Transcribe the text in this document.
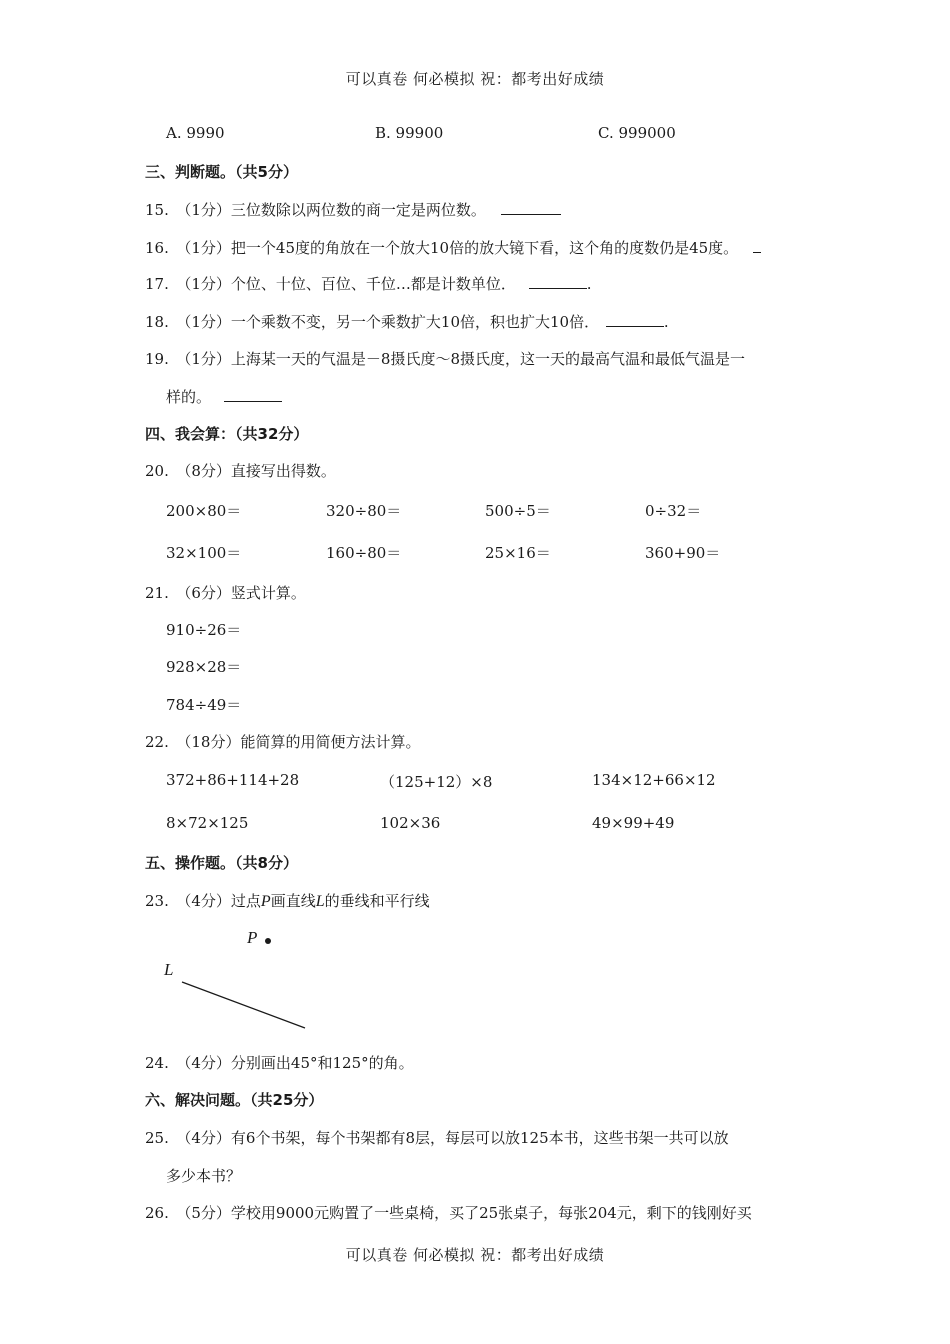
可以真卷 何必模拟 祝：都考出好成绩
A. 9990	B. 99900	C. 999000
三、判断题。（共5分）
15.　（1分）三位数除以两位数的商一定是两位数。
16.　（1分）把一个45度的角放在一个放大10倍的放大镜下看，这个角的度数仍是45度。
17.　（1分）个位、十位、百位、千位…都是计数单位．	.
18.　（1分）一个乘数不变，另一个乘数扩大10倍，积也扩大10倍．	.
19.　（1分）上海某一天的气温是－8摄氏度～8摄氏度，这一天的最高气温和最低气温是一
样的。
四、我会算：（共32分）
20.　（8分）直接写出得数。
200×80＝	320÷80＝	500÷5＝	0÷32＝
32×100＝	160÷80＝	25×16＝	360+90＝
21.　（6分）竖式计算。
910÷26＝
928×28＝
784÷49＝
22.　（18分）能简算的用简便方法计算。
372+86+114+28	（125+12）×8	134×12+66×12
8×72×125	102×36	49×99+49
五、操作题。（共8分）
23.　（4分）过点P画直线L的垂线和平行线
P
L
24.　（4分）分别画出45°和125°的角。
六、解决问题。（共25分）
25.　（4分）有6个书架，每个书架都有8层，每层可以放125本书，这些书架一共可以放
多少本书？
26.　（5分）学校用9000元购置了一些桌椅，买了25张桌子，每张204元，剩下的钱刚好买
可以真卷 何必模拟 祝：都考出好成绩
